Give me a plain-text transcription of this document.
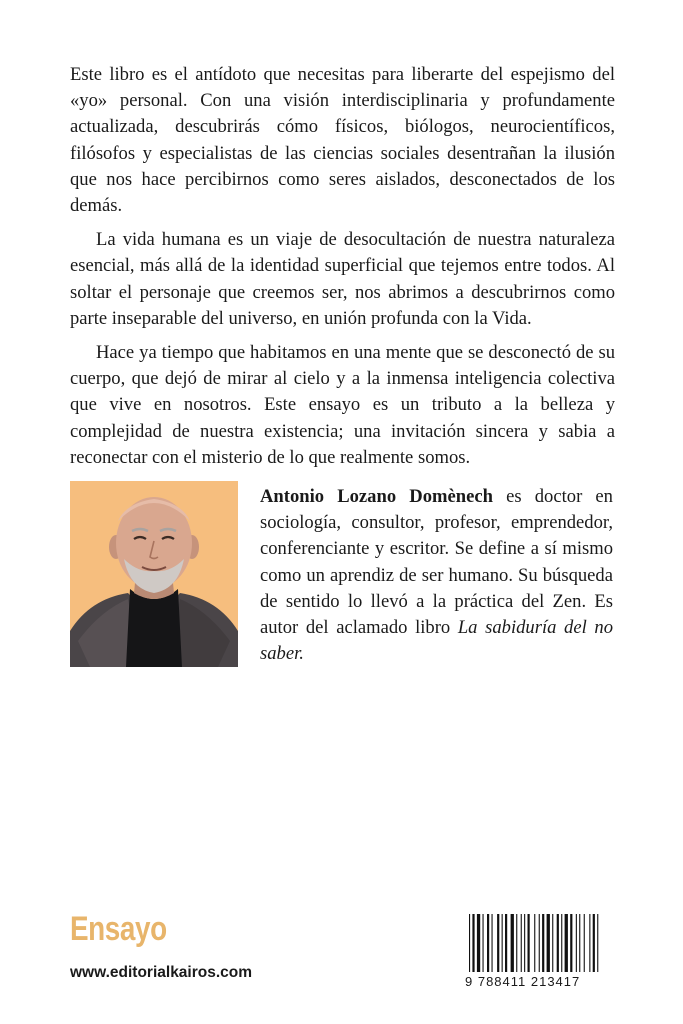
Este libro es el antídoto que necesitas para liberarte del espejismo del «yo» personal. Con una visión interdisciplinaria y profundamente actualizada, descubrirás cómo físicos, biólogos, neurocientíficos, filósofos y especialistas de las ciencias sociales desentrañan la ilusión que nos hace percibirnos como seres aislados, desconectados de los demás.

La vida humana es un viaje de desocultación de nuestra naturaleza esencial, más allá de la identidad superficial que tejemos entre todos. Al soltar el personaje que creemos ser, nos abrimos a descubrirnos como parte inseparable del universo, en unión profunda con la Vida.

Hace ya tiempo que habitamos en una mente que se desconectó de su cuerpo, que dejó de mirar al cielo y a la inmensa inteligencia colectiva que vive en nosotros. Este ensayo es un tributo a la belleza y complejidad de nuestra existencia; una invitación sincera y sabia a reconectar con el misterio de lo que realmente somos.

Antonio Lozano Domènech es doctor en sociología, consultor, profesor, emprendedor, conferenciante y escritor. Se define a sí mismo como un aprendiz de ser humano. Su búsqueda de sentido lo llevó a la práctica del Zen. Es autor del aclamado libro La sabiduría del no saber.
Ensayo
www.editorialkairos.com
9 788411 213417
